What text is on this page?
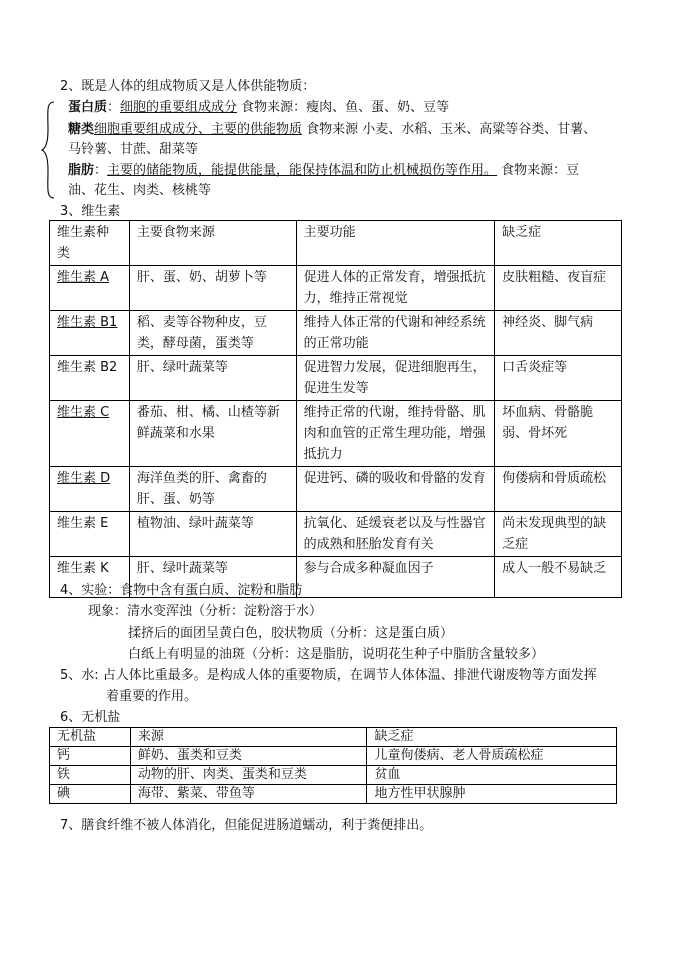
2、既是人体的组成物质又是人体供能物质：
蛋白质：细胞的重要组成成分 食物来源：瘦肉、鱼、蛋、奶、豆等
糖类细胞重要组成成分、主要的供能物质 食物来源 小麦、水稻、玉米、高粱等谷类、甘薯、
马铃薯、甘蔗、甜菜等
脂肪：主要的储能物质，能提供能量，能保持体温和防止机械损伤等作用。 食物来源：豆
油、花生、肉类、核桃等
3、维生素
维生素种类	主要食物来源	主要功能	缺乏症
维生素 A	肝、蛋、奶、胡萝卜等	促进人体的正常发育，增强抵抗力，维持正常视觉	皮肤粗糙、夜盲症
维生素 B1	稻、麦等谷物种皮，豆类，酵母菌，蛋类等	维持人体正常的代谢和神经系统的正常功能	神经炎、脚气病
维生素 B2	肝、绿叶蔬菜等	促进智力发展，促进细胞再生，促进生发等	口舌炎症等
维生素 C	番茄、柑、橘、山楂等新鲜蔬菜和水果	维持正常的代谢，维持骨骼、肌肉和血管的正常生理功能，增强抵抗力	坏血病、骨骼脆弱、骨坏死
维生素 D	海洋鱼类的肝、禽畜的肝、蛋、奶等	促进钙、磷的吸收和骨骼的发育	佝偻病和骨质疏松
维生素 E	植物油、绿叶蔬菜等	抗氧化、延缓衰老以及与性器官的成熟和胚胎发育有关	尚未发现典型的缺乏症
维生素 K	肝、绿叶蔬菜等	参与合成多种凝血因子	成人一般不易缺乏
4、实验：食物中含有蛋白质、淀粉和脂肪
现象：清水变浑浊（分析：淀粉溶于水）
揉挤后的面团呈黄白色，胶状物质（分析：这是蛋白质）
白纸上有明显的油斑（分析：这是脂肪，说明花生种子中脂肪含量较多）
5、水: 占人体比重最多。是构成人体的重要物质，在调节人体体温、排泄代谢废物等方面发挥
着重要的作用。
6、无机盐
无机盐	来源	缺乏症
钙	鲜奶、蛋类和豆类	儿童佝偻病、老人骨质疏松症
铁	动物的肝、肉类、蛋类和豆类	贫血
碘	海带、紫菜、带鱼等	地方性甲状腺肿
7、膳食纤维不被人体消化，但能促进肠道蠕动，利于粪便排出。
